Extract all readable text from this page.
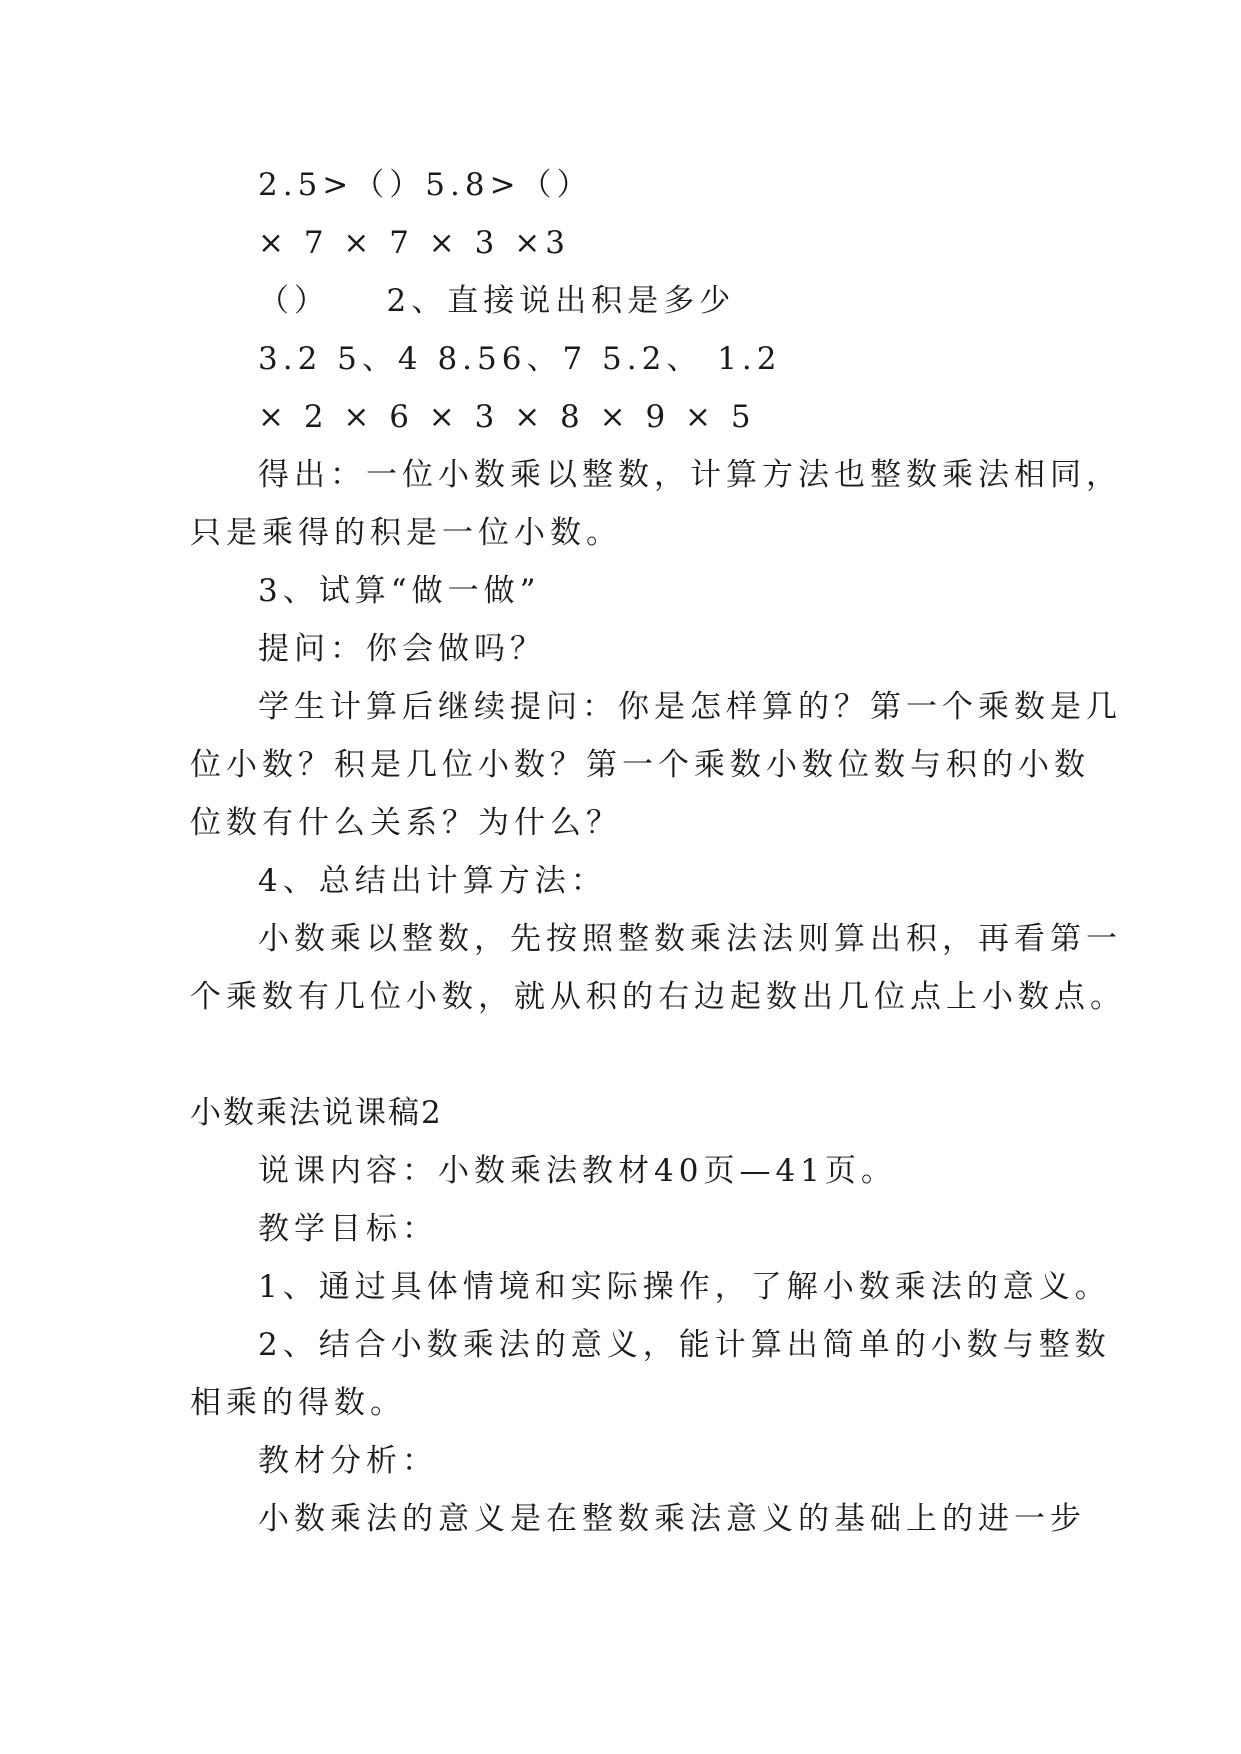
2.5>（）5.8>（）
× 7 × 7 × 3 ×3
（）　　2、直接说出积是多少
3.2 5、4 8.56、7 5.2、 1.2
× 2 × 6 × 3 × 8 × 9 × 5
得出：一位小数乘以整数，计算方法也整数乘法相同，
只是乘得的积是一位小数。
3、试算“做一做”
提问：你会做吗？
学生计算后继续提问：你是怎样算的？第一个乘数是几
位小数？积是几位小数？第一个乘数小数位数与积的小数
位数有什么关系？为什么？
4、总结出计算方法：
小数乘以整数，先按照整数乘法法则算出积，再看第一
个乘数有几位小数，就从积的右边起数出几位点上小数点。
小数乘法说课稿2
说课内容：小数乘法教材40页—41页。
教学目标：
1、通过具体情境和实际操作，了解小数乘法的意义。
2、结合小数乘法的意义，能计算出简单的小数与整数
相乘的得数。
教材分析：
小数乘法的意义是在整数乘法意义的基础上的进一步
